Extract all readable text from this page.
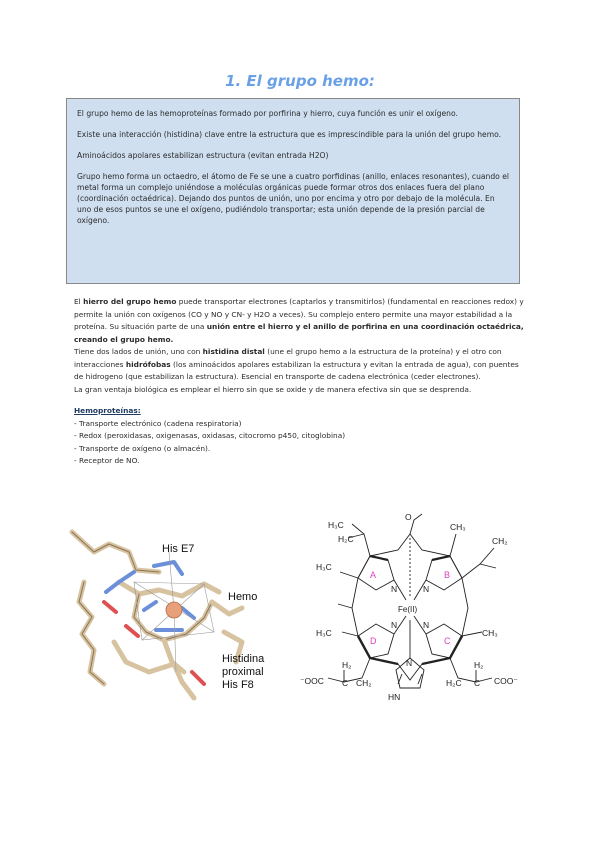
1. El grupo hemo:

El grupo hemo de las hemoproteínas formado por porfirina y hierro, cuya función es unir el oxígeno.

Existe una interacción (histidina) clave entre la estructura que es imprescindible para la unión del grupo hemo.

Aminoácidos apolares estabilizan estructura (evitan entrada H2O)

Grupo hemo forma un octaedro, el átomo de Fe se une a cuatro porfidinas (anillo, enlaces resonantes), cuando el metal forma un complejo uniéndose a moléculas orgánicas puede formar otros dos enlaces fuera del plano (coordinación octaédrica). Dejando dos puntos de unión, uno por encima y otro por debajo de la molécula. En uno de esos puntos se une el oxígeno, pudiéndolo transportar; esta unión depende de la presión parcial de oxígeno.

El hierro del grupo hemo puede transportar electrones (captarlos y transmitirlos) (fundamental en reacciones redox) y permite la unión con oxígenos (CO y NO y CN- y H2O a veces). Su complejo entero permite una mayor estabilidad a la proteína. Su situación parte de una unión entre el hierro y el anillo de porfirina en una coordinación octaédrica, creando el grupo hemo.

Tiene dos lados de unión, uno con histidina distal (une el grupo hemo a la estructura de la proteína) y el otro con interacciones hidrófobas (los aminoácidos apolares estabilizan la estructura y evitan la entrada de agua), con puentes de hidrogeno (que estabilizan la estructura). Esencial en transporte de cadena electrónica (ceder electrones).

La gran ventaja biológica es emplear el hierro sin que se oxide y de manera efectiva sin que se desprenda.

Hemoproteínas:

- Transporte electrónico (cadena respiratoria)

- Redox (peroxidasas, oxigenasas, oxidasas, citocromo p450, citoglobina)

- Transporte de oxígeno (o almacén).

- Receptor de NO.

His E7
Hemo
Histidina
proximal
His F8
H₃C
H₂C
O
CH₃
CH₂
H₃C
H₃C	CH₃
H₂
C CH₂
⁻OOC	H₂C
H₂
C COO⁻
N	N
N	N
N
Fe(II)
HN
A	B
D	C
